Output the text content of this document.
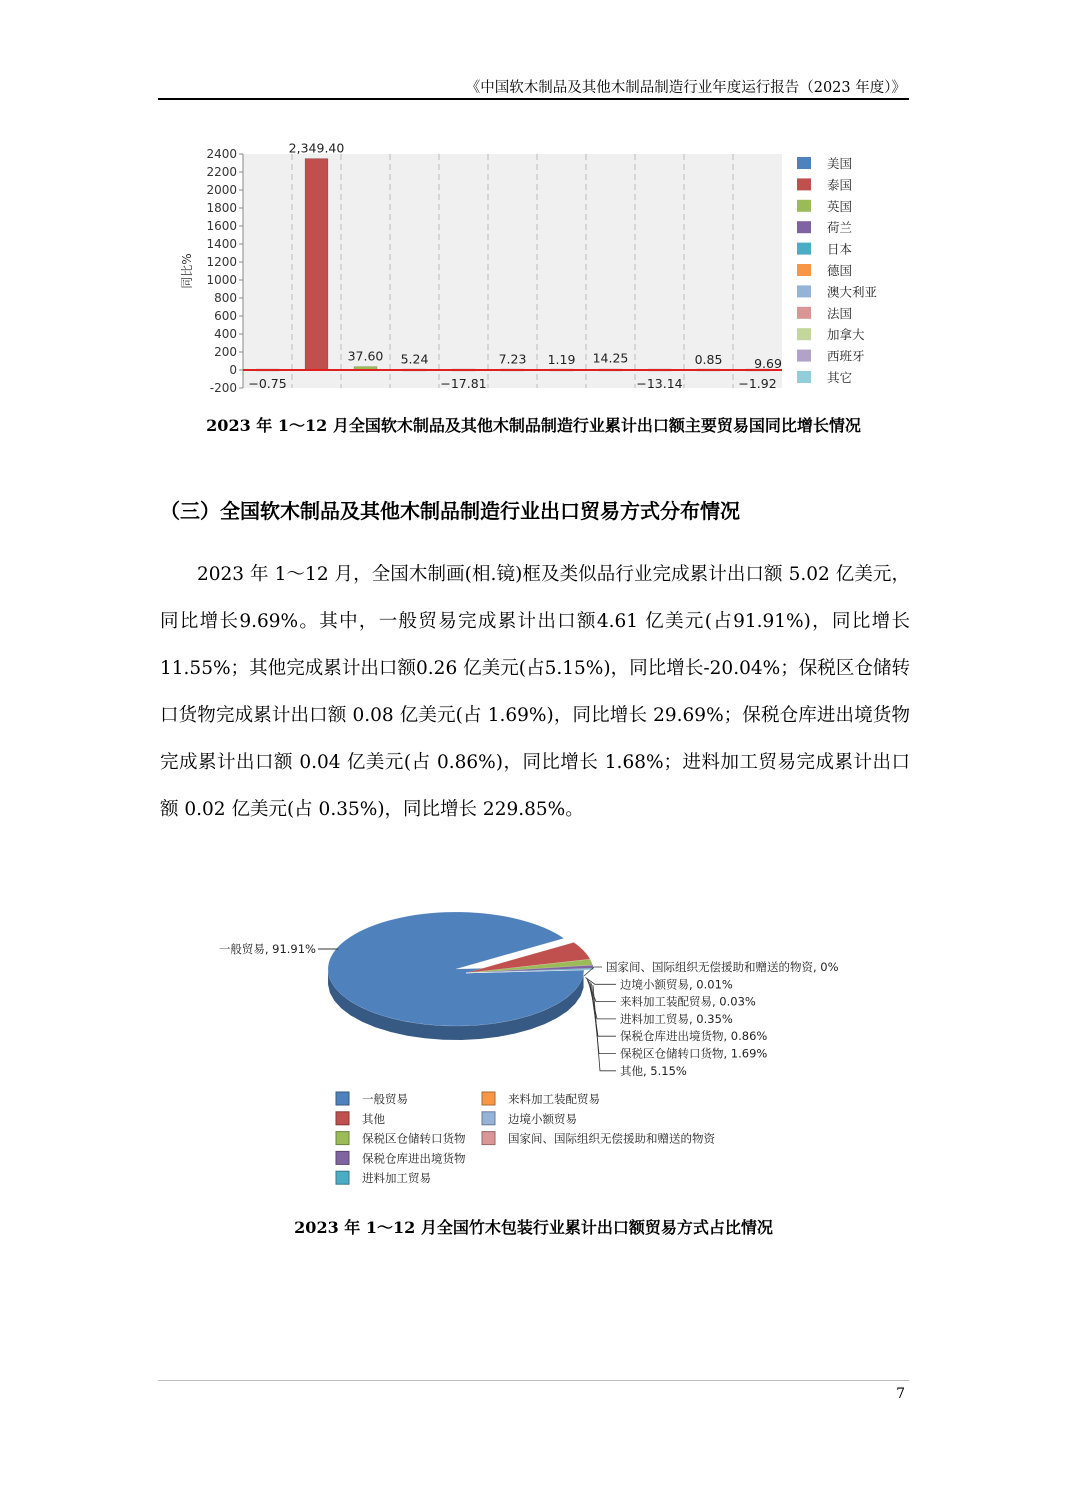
《中国软木制品及其他木制品制造行业年度运行报告（2023 年度）》
-200
0
200
400
600
800
1000
1200
1400
1600
1800
2000
2200
2400
同比%
−0.75
2,349.40
37.60 5.24
−17.81
7.23 1.19 14.25
−13.14
0.85
−1.92
9.69
美国
泰国
英国
荷兰
日本
德国
澳大利亚
法国
加拿大
西班牙
其它
2023 年 1～12 月全国软木制品及其他木制品制造行业累计出口额主要贸易国同比增长情况
（三）全国软木制品及其他木制品制造行业出口贸易方式分布情况

2023 年 1～12 月，全国木制画(相.镜)框及类似品行业完成累计出口额 5.02 亿美元，同比增长9.69%。其中，一般贸易完成累计出口额4.61 亿美元(占91.91%)，同比增长11.55%；其他完成累计出口额0.26 亿美元(占5.15%)，同比增长-20.04%；保税区仓储转口货物完成累计出口额 0.08 亿美元(占 1.69%)，同比增长 29.69%；保税仓库进出境货物完成累计出口额 0.04 亿美元(占 0.86%)，同比增长 1.68%；进料加工贸易完成累计出口额 0.02 亿美元(占 0.35%)，同比增长 229.85%。

一般贸易, 91.91%
国家间、国际组织无偿援助和赠送的物资, 0%
边境小额贸易, 0.01%
来料加工装配贸易, 0.03%
进料加工贸易, 0.35%
保税仓库进出境货物, 0.86%
保税区仓储转口货物, 1.69%
其他, 5.15%
一般贸易
其他
保税区仓储转口货物
保税仓库进出境货物
进料加工贸易
来料加工装配贸易
边境小额贸易
国家间、国际组织无偿援助和赠送的物资
2023 年 1～12 月全国竹木包装行业累计出口额贸易方式占比情况
7
